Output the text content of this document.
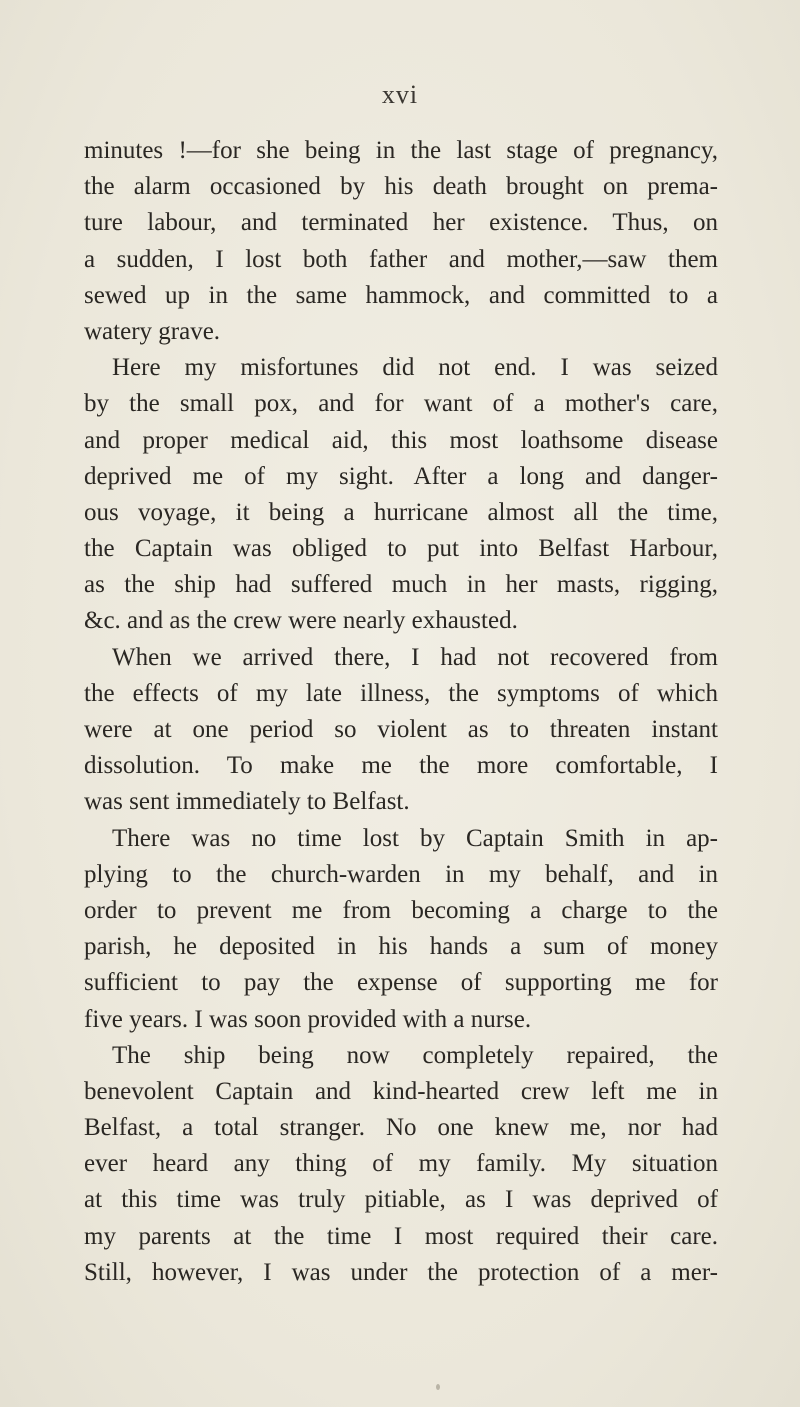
xvi
minutes !—for she being in the last stage of pregnancy,
the alarm occasioned by his death brought on prema-
ture labour, and terminated her existence. Thus, on
a sudden, I lost both father and mother,—saw them
sewed up in the same hammock, and committed to a
watery grave.
Here my misfortunes did not end. I was seized
by the small pox, and for want of a mother's care,
and proper medical aid, this most loathsome disease
deprived me of my sight. After a long and danger-
ous voyage, it being a hurricane almost all the time,
the Captain was obliged to put into Belfast Harbour,
as the ship had suffered much in her masts, rigging,
&c. and as the crew were nearly exhausted.
When we arrived there, I had not recovered from
the effects of my late illness, the symptoms of which
were at one period so violent as to threaten instant
dissolution. To make me the more comfortable, I
was sent immediately to Belfast.
There was no time lost by Captain Smith in ap-
plying to the church-warden in my behalf, and in
order to prevent me from becoming a charge to the
parish, he deposited in his hands a sum of money
sufficient to pay the expense of supporting me for
five years. I was soon provided with a nurse.
The ship being now completely repaired, the
benevolent Captain and kind-hearted crew left me in
Belfast, a total stranger. No one knew me, nor had
ever heard any thing of my family. My situation
at this time was truly pitiable, as I was deprived of
my parents at the time I most required their care.
Still, however, I was under the protection of a mer-
